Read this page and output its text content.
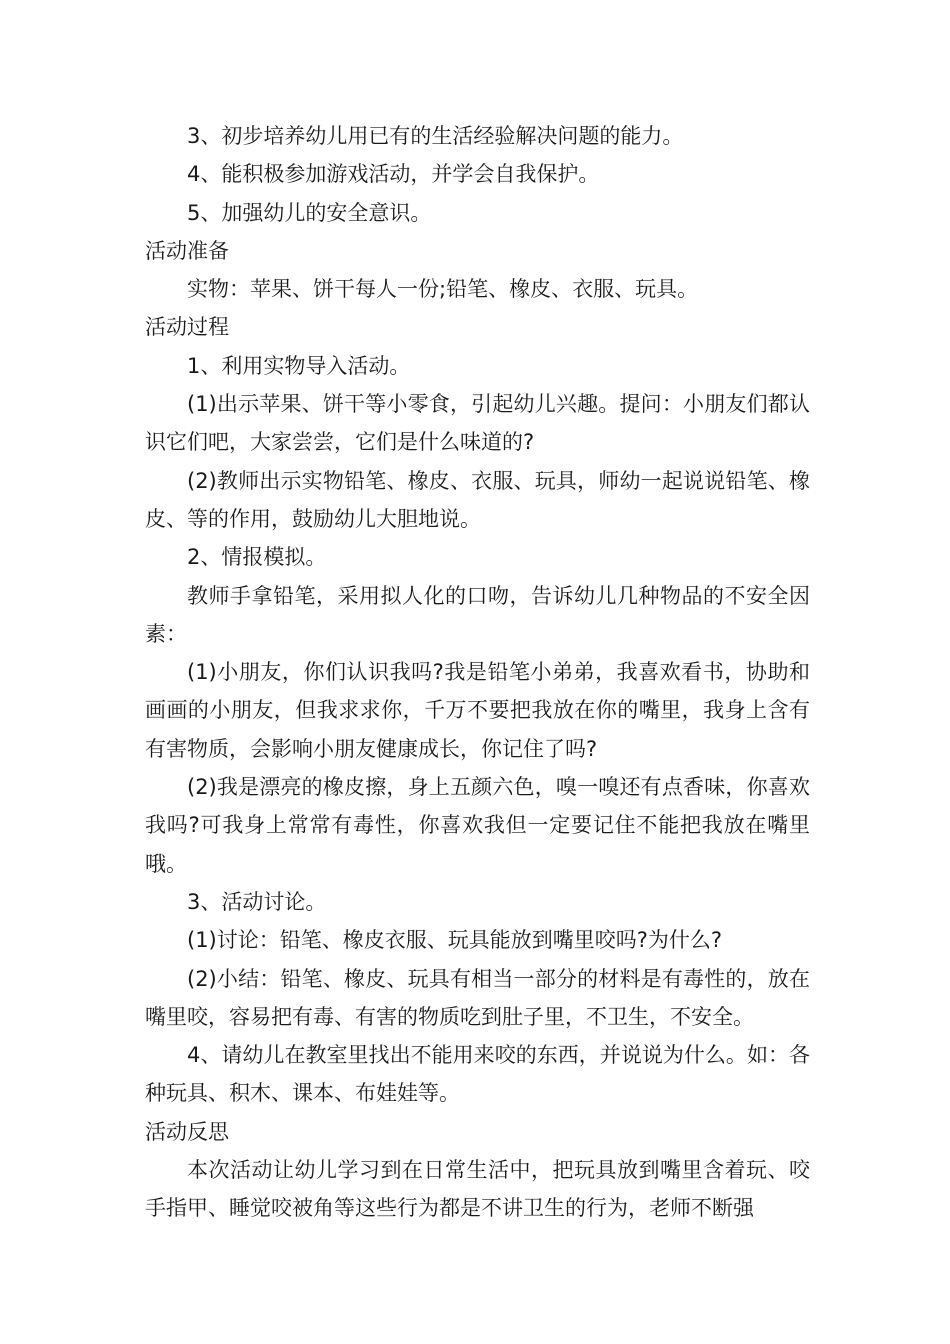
3、初步培养幼儿用已有的生活经验解决问题的能力。

4、能积极参加游戏活动，并学会自我保护。

5、加强幼儿的安全意识。

活动准备

实物：苹果、饼干每人一份;铅笔、橡皮、衣服、玩具。

活动过程

1、利用实物导入活动。

(1)出示苹果、饼干等小零食，引起幼儿兴趣。提问：小朋友们都认识它们吧，大家尝尝，它们是什么味道的?

(2)教师出示实物铅笔、橡皮、衣服、玩具，师幼一起说说铅笔、橡皮、等的作用，鼓励幼儿大胆地说。

2、情报模拟。

教师手拿铅笔，采用拟人化的口吻，告诉幼儿几种物品的不安全因素：

(1)小朋友，你们认识我吗?我是铅笔小弟弟，我喜欢看书，协助和画画的小朋友，但我求求你，千万不要把我放在你的嘴里，我身上含有有害物质，会影响小朋友健康成长，你记住了吗?

(2)我是漂亮的橡皮擦，身上五颜六色，嗅一嗅还有点香味，你喜欢我吗?可我身上常常有毒性，你喜欢我但一定要记住不能把我放在嘴里哦。

3、活动讨论。

(1)讨论：铅笔、橡皮衣服、玩具能放到嘴里咬吗?为什么?

(2)小结：铅笔、橡皮、玩具有相当一部分的材料是有毒性的，放在嘴里咬，容易把有毒、有害的物质吃到肚子里，不卫生，不安全。

4、请幼儿在教室里找出不能用来咬的东西，并说说为什么。如：各种玩具、积木、课本、布娃娃等。

活动反思

本次活动让幼儿学习到在日常生活中，把玩具放到嘴里含着玩、咬手指甲、睡觉咬被角等这些行为都是不讲卫生的行为，老师不断强
